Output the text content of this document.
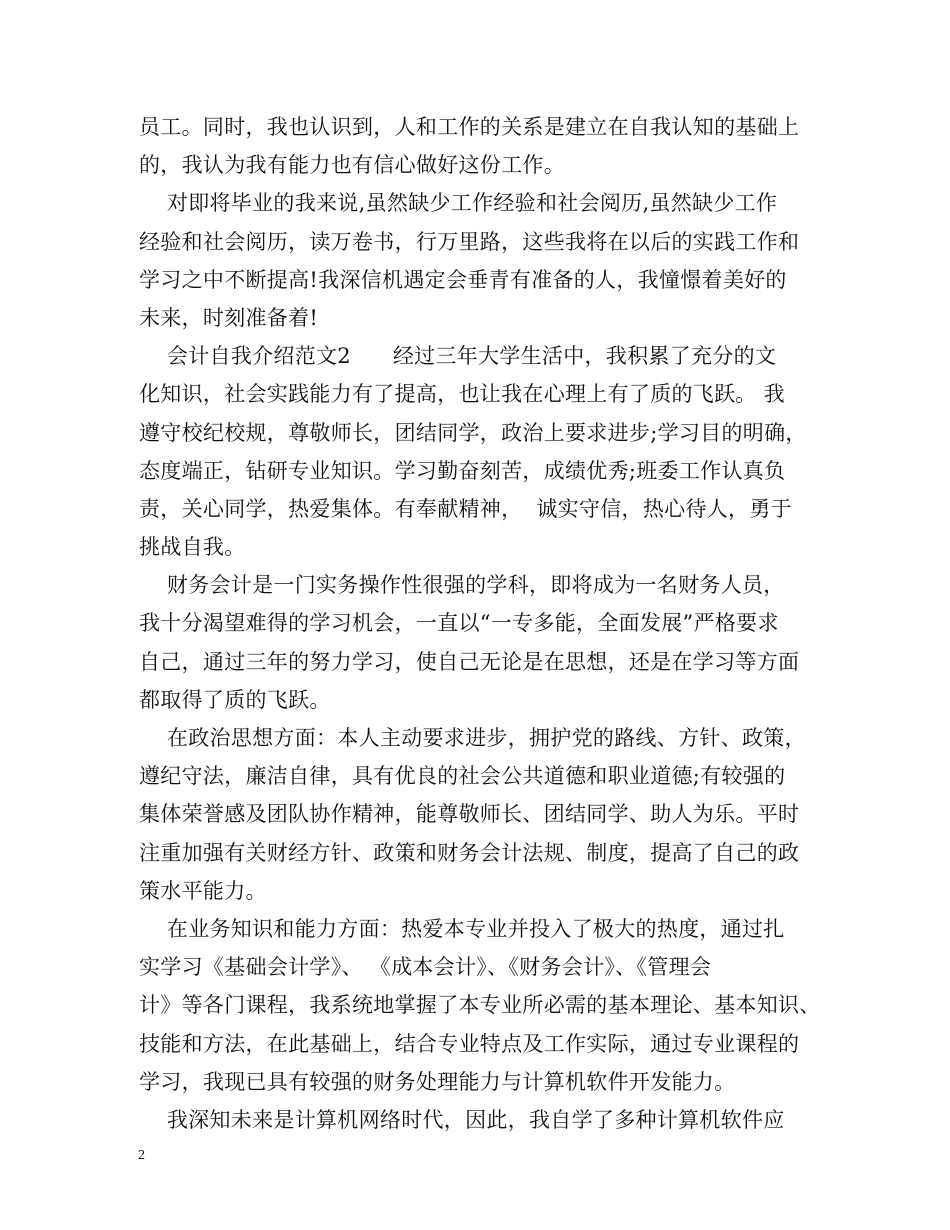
员工。同时，我也认识到，人和工作的关系是建立在自我认知的基础上
的，我认为我有能力也有信心做好这份工作。
对即将毕业的我来说,虽然缺少工作经验和社会阅历,虽然缺少工作
经验和社会阅历，读万卷书，行万里路，这些我将在以后的实践工作和
学习之中不断提高!我深信机遇定会垂青有准备的人，我憧憬着美好的
未来，时刻准备着!
会计自我介绍范文2      经过三年大学生活中，我积累了充分的文
化知识，社会实践能力有了提高，也让我在心理上有了质的飞跃。 我
遵守校纪校规，尊敬师长，团结同学，政治上要求进步;学习目的明确，
态度端正，钻研专业知识。学习勤奋刻苦，成绩优秀;班委工作认真负
责，关心同学，热爱集体。有奉献精神，  诚实守信，热心待人，勇于
挑战自我。
财务会计是一门实务操作性很强的学科，即将成为一名财务人员，
我十分渴望难得的学习机会，一直以“一专多能，全面发展”严格要求
自己，通过三年的努力学习，使自己无论是在思想，还是在学习等方面
都取得了质的飞跃。
在政治思想方面：本人主动要求进步，拥护党的路线、方针、政策，
遵纪守法，廉洁自律，具有优良的社会公共道德和职业道德;有较强的
集体荣誉感及团队协作精神，能尊敬师长、团结同学、助人为乐。平时
注重加强有关财经方针、政策和财务会计法规、制度，提高了自己的政
策水平能力。
在业务知识和能力方面：热爱本专业并投入了极大的热度，通过扎
实学习《基础会计学》、 《成本会计》、《财务会计》、《管理会
计》等各门课程，我系统地掌握了本专业所必需的基本理论、基本知识、
技能和方法，在此基础上，结合专业特点及工作实际，通过专业课程的
学习，我现已具有较强的财务处理能力与计算机软件开发能力。
我深知未来是计算机网络时代，因此，我自学了多种计算机软件应
2
